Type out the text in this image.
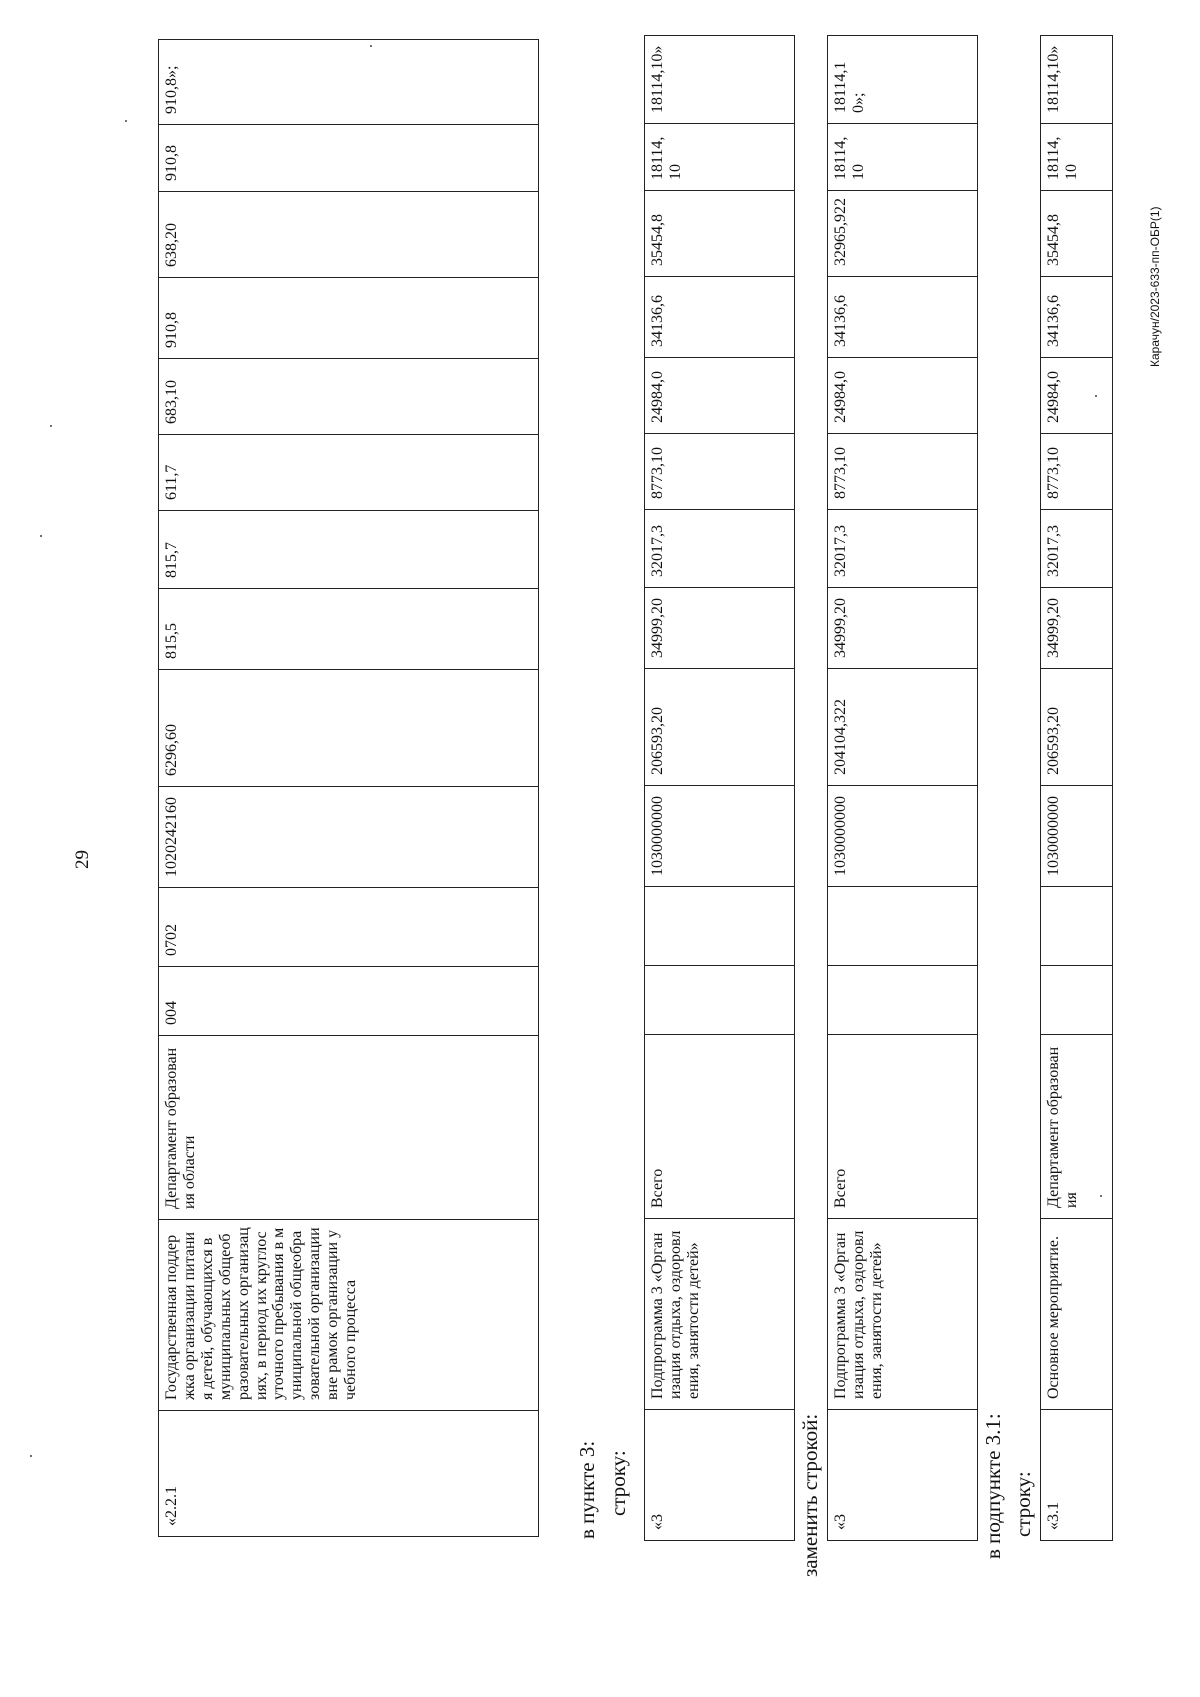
29

«2.2.1	Государственная поддержка организации питания детей, обучающихся в муниципальных общеобразовательных организациях, в период их круглосуточного пребывания в муниципальной общеобразовательной организации вне рамок организации учебного процесса	Департамент образования области	004	0702	1020242160	6296,60	815,5	815,7	611,7	683,10	910,8	638,20	910,8	910,8»;
в пункте 3: строку:

«3	Подпрограмма 3 «Организация отдыха, оздоровления, занятости детей»	Всего			1030000000	206593,20	34999,20	32017,3	8773,10	24984,0	34136,6	35454,8	18114,10	18114,10»
заменить строкой:
														«3	Подпрограмма 3 «Организация отдыха, оздоровления, занятости детей»	Всего			1030000000	204104,322	34999,20	32017,3	8773,10	24984,0	34136,6	32965,922	18114,10	18114,10»;
в подпункте 3.1: строку:
														«3.1	Основное мероприятие.	Департамент образования			1030000000	206593,20	34999,20	32017,3	8773,10	24984,0	34136,6	35454,8	18114,10	18114,10»
Карачун/2023-633-пп-ОБР(1)
